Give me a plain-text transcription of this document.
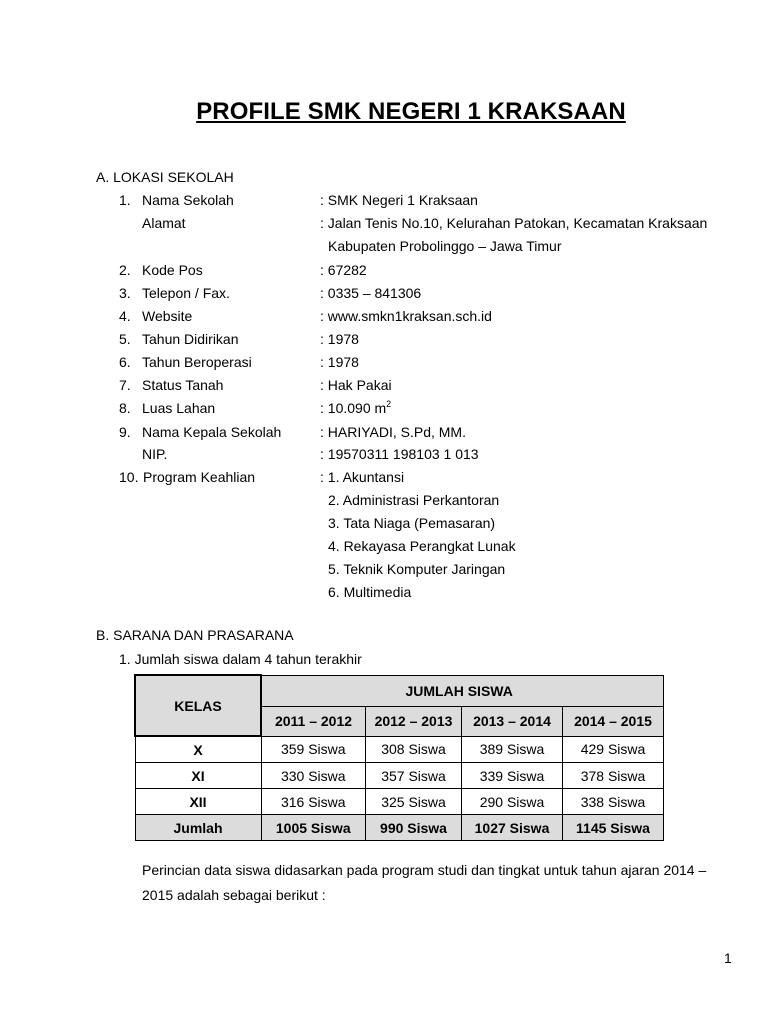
PROFILE SMK NEGERI 1 KRAKSAAN
A. LOKASI SEKOLAH
1. Nama Sekolah	: SMK Negeri 1 Kraksaan
Alamat	: Jalan Tenis No.10, Kelurahan Patokan, Kecamatan Kraksaan
Kabupaten Probolinggo – Jawa Timur
2. Kode Pos	: 67282
3. Telepon / Fax.	: 0335 – 841306
4. Website	: www.smkn1kraksan.sch.id
5. Tahun Didirikan	: 1978
6. Tahun Beroperasi	: 1978
7. Status Tanah	: Hak Pakai
8. Luas Lahan	: 10.090 $m^2$
9. Nama Kepala Sekolah	: HARIYADI, S.Pd, MM.
NIP.	: 19570311 198103 1 013
10. Program Keahlian	: 1. Akuntansi
2. Administrasi Perkantoran
3. Tata Niaga (Pemasaran)
4. Rekayasa Perangkat Lunak
5. Teknik Komputer Jaringan
6. Multimedia
B. SARANA DAN PRASARANA
1. Jumlah siswa dalam 4 tahun terakhir
KELAS		JUMLAH SISWA		
	2011 – 2012	2012 – 2013	2013 – 2014	2014 – 2015
X	359 Siswa	308 Siswa	389 Siswa	429 Siswa
XI	330 Siswa	357 Siswa	339 Siswa	378 Siswa
XII	316 Siswa	325 Siswa	290 Siswa	338 Siswa
Jumlah	1005 Siswa	990 Siswa	1027 Siswa	1145 Siswa
Perincian data siswa didasarkan pada program studi dan tingkat untuk tahun ajaran 2014 –
2015 adalah sebagai berikut :
1
